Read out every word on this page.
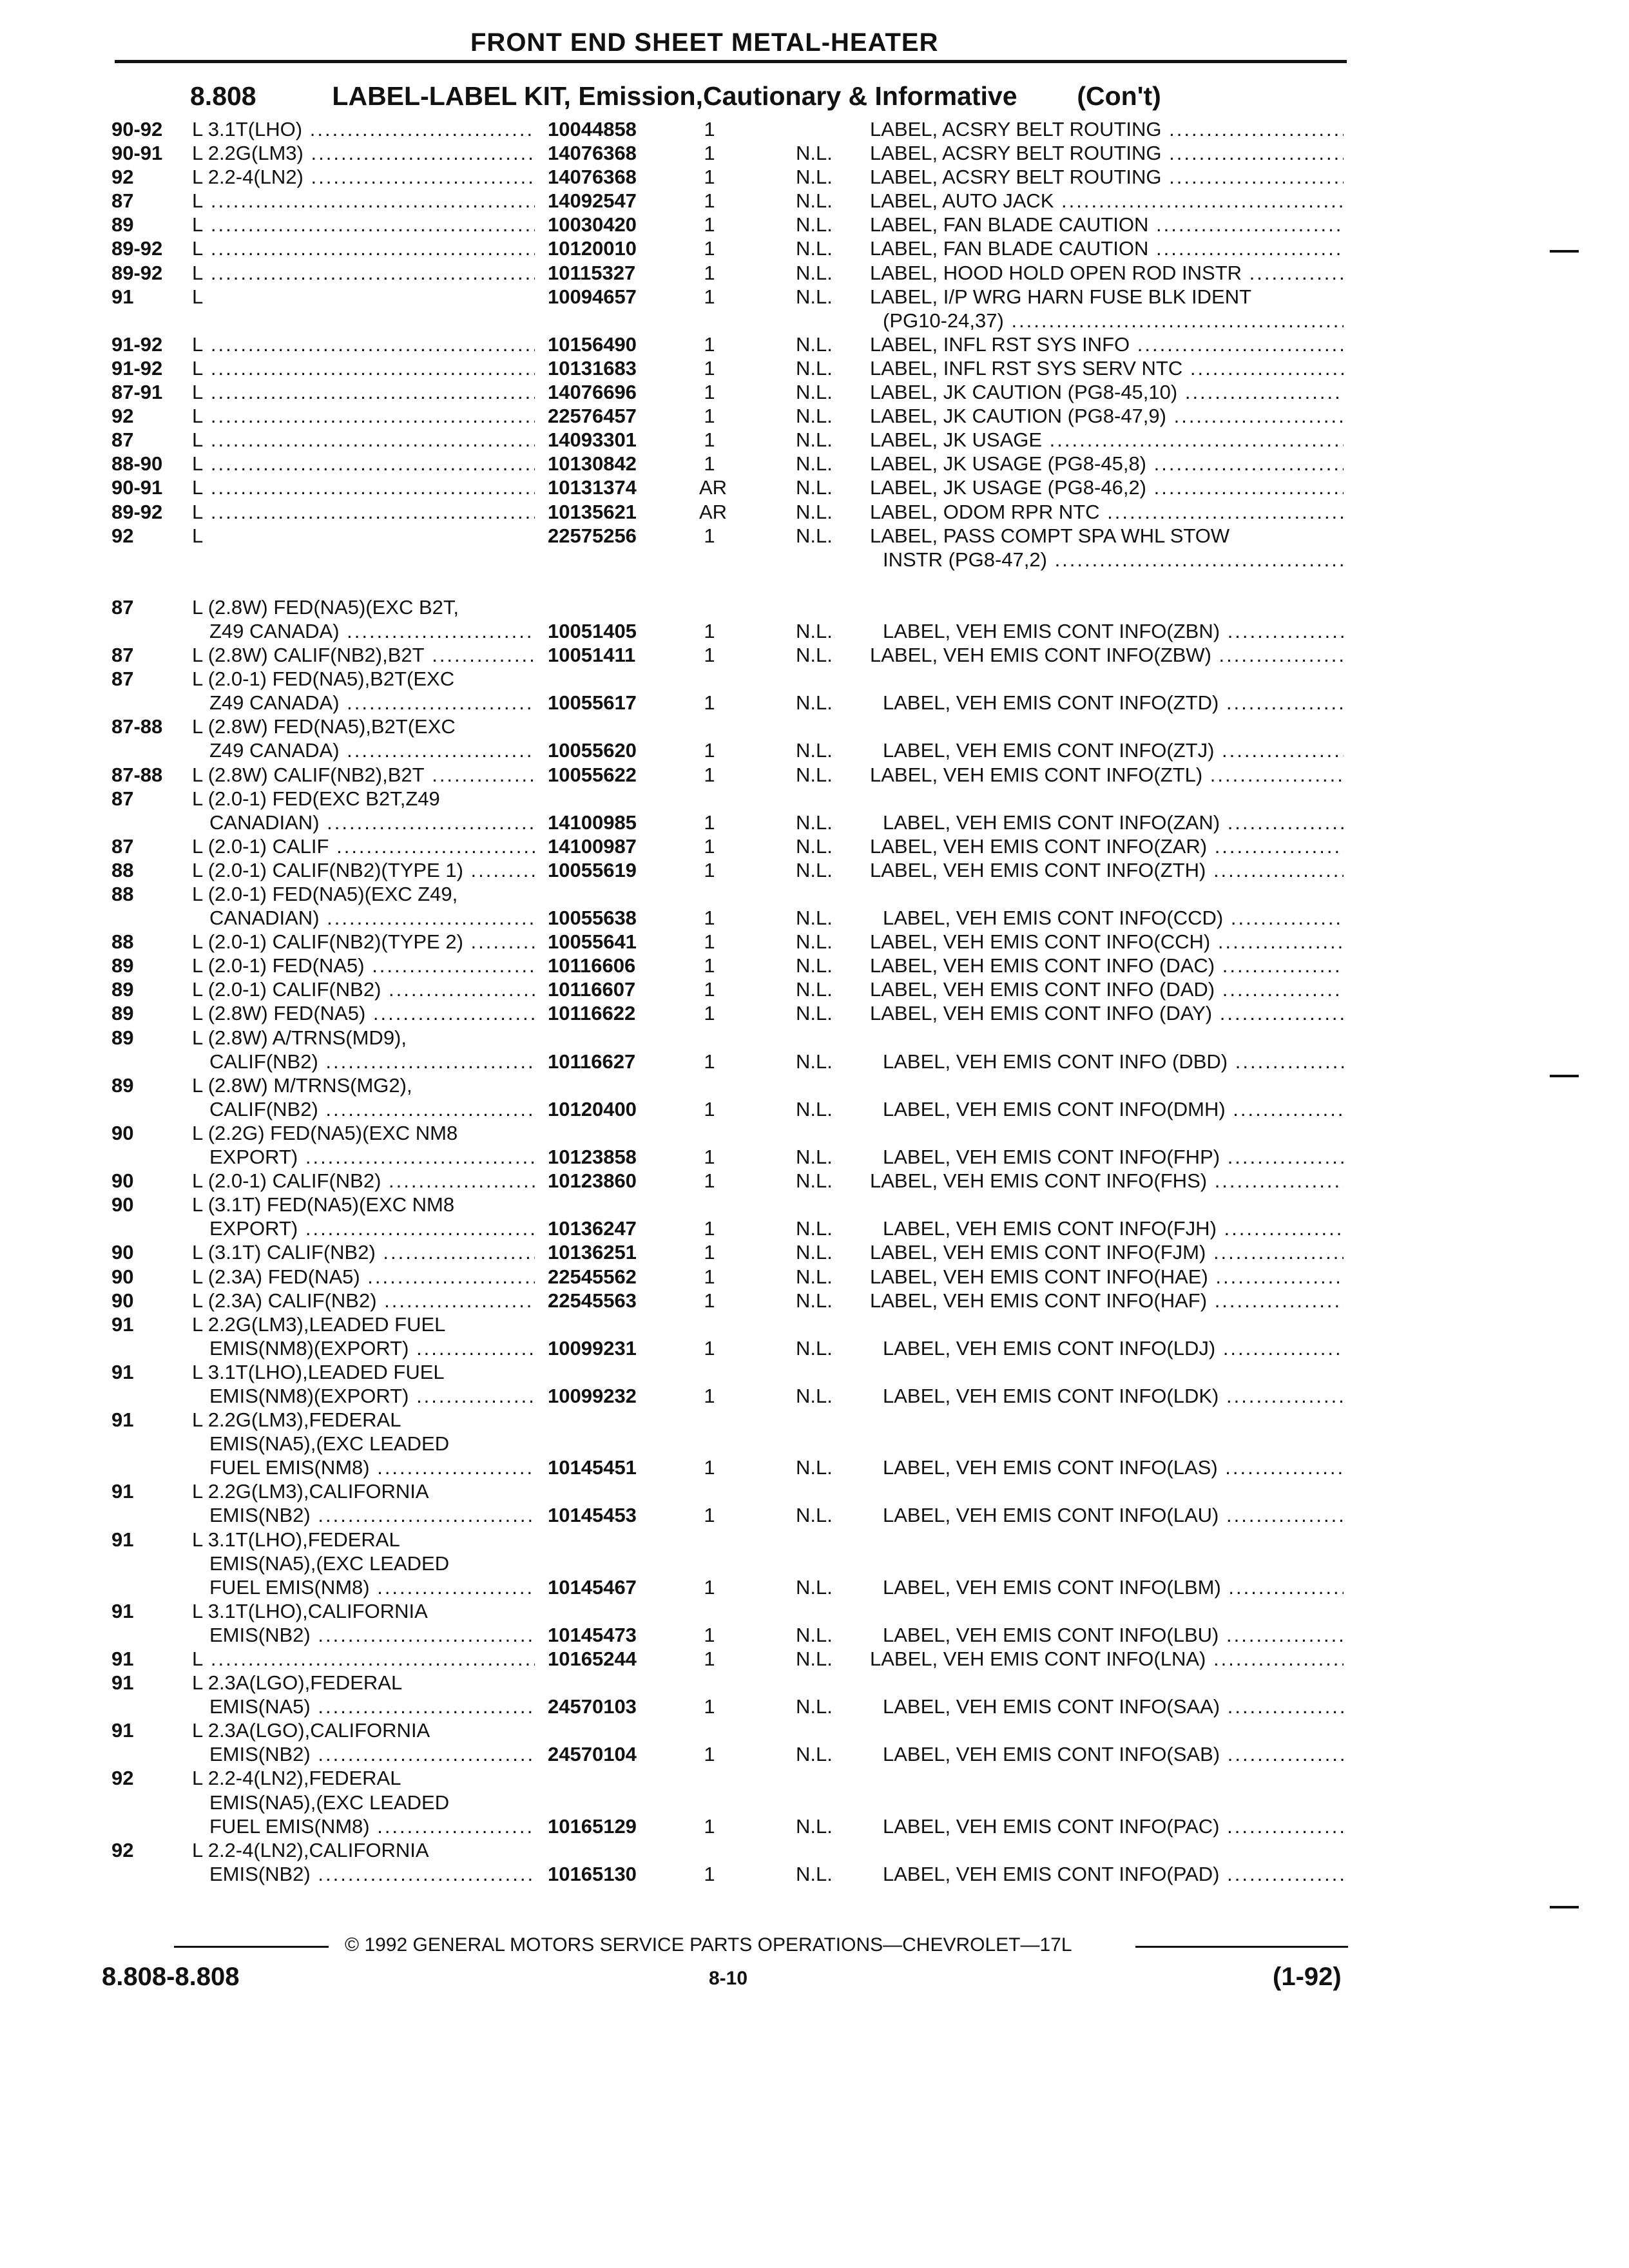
FRONT END SHEET METAL-HEATER
8.808	LABEL-LABEL KIT, Emission,Cautionary & Informative (Con't)
90-92 L 3.1T(LHO) .....	10044858	1	LABEL, ACSRY BELT ROUTING .....
90-91 L 2.2G(LM3) .....	14076368	1	N.L. LABEL, ACSRY BELT ROUTING .....
92	L 2.2-4(LN2) .....	14076368	1	N.L. LABEL, ACSRY BELT ROUTING .....
87	L .....	14092547	1	N.L. LABEL, AUTO JACK .....
89	L .....	10030420	1	N.L. LABEL, FAN BLADE CAUTION .....
89-92 L .....	10120010	1	N.L. LABEL, FAN BLADE CAUTION .....
89-92 L .....	10115327	1	N.L. LABEL, HOOD HOLD OPEN ROD INSTR .....
91	L	10094657	1	N.L. LABEL, I/P WRG HARN FUSE BLK IDENT
(PG10-24,37) .....
91-92 L .....	10156490	1	N.L. LABEL, INFL RST SYS INFO .....
91-92 L .....	10131683	1	N.L. LABEL, INFL RST SYS SERV NTC .....
87-91 L .....	14076696	1	N.L. LABEL, JK CAUTION (PG8-45,10) .....
92	L .....	22576457	1	N.L. LABEL, JK CAUTION (PG8-47,9) .....
87	L .....	14093301	1	N.L. LABEL, JK USAGE .....
88-90 L .....	10130842	1	N.L. LABEL, JK USAGE (PG8-45,8) .....
90-91 L .....	10131374	AR	N.L. LABEL, JK USAGE (PG8-46,2) .....
89-92 L .....	10135621	AR	N.L. LABEL, ODOM RPR NTC .....
92	L	22575256	1	N.L. LABEL, PASS COMPT SPA WHL STOW
INSTR (PG8-47,2) .....
87	L (2.8W) FED(NA5)(EXC B2T,
Z49 CANADA) .....	10051405	1	N.L.	LABEL, VEH EMIS CONT INFO(ZBN) .....
87	L (2.8W) CALIF(NB2),B2T .....	10051411	1	N.L. LABEL, VEH EMIS CONT INFO(ZBW) .....
87	L (2.0-1) FED(NA5),B2T(EXC
Z49 CANADA) .....	10055617	1	N.L.	LABEL, VEH EMIS CONT INFO(ZTD) .....
87-88 L (2.8W) FED(NA5),B2T(EXC
Z49 CANADA) .....	10055620	1	N.L.	LABEL, VEH EMIS CONT INFO(ZTJ) .....
87-88 L (2.8W) CALIF(NB2),B2T .....	10055622	1	N.L. LABEL, VEH EMIS CONT INFO(ZTL) .....
87	L (2.0-1) FED(EXC B2T,Z49
CANADIAN) .....	14100985	1	N.L.	LABEL, VEH EMIS CONT INFO(ZAN) .....
87	L (2.0-1) CALIF .....	14100987	1	N.L. LABEL, VEH EMIS CONT INFO(ZAR) .....
88	L (2.0-1) CALIF(NB2)(TYPE 1) .....	10055619	1	N.L. LABEL, VEH EMIS CONT INFO(ZTH) .....
88	L (2.0-1) FED(NA5)(EXC Z49,
CANADIAN) .....	10055638	1	N.L.	LABEL, VEH EMIS CONT INFO(CCD) .....
88	L (2.0-1) CALIF(NB2)(TYPE 2) .....	10055641	1	N.L. LABEL, VEH EMIS CONT INFO(CCH) .....
89	L (2.0-1) FED(NA5) .....	10116606	1	N.L. LABEL, VEH EMIS CONT INFO (DAC) .....
89	L (2.0-1) CALIF(NB2) .....	10116607	1	N.L. LABEL, VEH EMIS CONT INFO (DAD) .....
89	L (2.8W) FED(NA5) .....	10116622	1	N.L. LABEL, VEH EMIS CONT INFO (DAY) .....
89	L (2.8W) A/TRNS(MD9),
CALIF(NB2) .....	10116627	1	N.L.	LABEL, VEH EMIS CONT INFO (DBD) .....
89	L (2.8W) M/TRNS(MG2),
CALIF(NB2) .....	10120400	1	N.L.	LABEL, VEH EMIS CONT INFO(DMH) .....
90	L (2.2G) FED(NA5)(EXC NM8
EXPORT) .....	10123858	1	N.L.	LABEL, VEH EMIS CONT INFO(FHP) .....
90	L (2.0-1) CALIF(NB2) .....	10123860	1	N.L. LABEL, VEH EMIS CONT INFO(FHS) .....
90	L (3.1T) FED(NA5)(EXC NM8
EXPORT) .....	10136247	1	N.L.	LABEL, VEH EMIS CONT INFO(FJH) .....
90	L (3.1T) CALIF(NB2) .....	10136251	1	N.L. LABEL, VEH EMIS CONT INFO(FJM) .....
90	L (2.3A) FED(NA5) .....	22545562	1	N.L. LABEL, VEH EMIS CONT INFO(HAE) .....
90	L (2.3A) CALIF(NB2) .....	22545563	1	N.L. LABEL, VEH EMIS CONT INFO(HAF) .....
91	L 2.2G(LM3),LEADED FUEL
EMIS(NM8)(EXPORT) .....	10099231	1	N.L.	LABEL, VEH EMIS CONT INFO(LDJ) .....
91	L 3.1T(LHO),LEADED FUEL
EMIS(NM8)(EXPORT) .....	10099232	1	N.L.	LABEL, VEH EMIS CONT INFO(LDK) .....
91	L 2.2G(LM3),FEDERAL
EMIS(NA5),(EXC LEADED
FUEL EMIS(NM8) .....	10145451	1	N.L.	LABEL, VEH EMIS CONT INFO(LAS) .....
91	L 2.2G(LM3),CALIFORNIA
EMIS(NB2) .....	10145453	1	N.L.	LABEL, VEH EMIS CONT INFO(LAU) .....
91	L 3.1T(LHO),FEDERAL
EMIS(NA5),(EXC LEADED
FUEL EMIS(NM8) .....	10145467	1	N.L.	LABEL, VEH EMIS CONT INFO(LBM) .....
91	L 3.1T(LHO),CALIFORNIA
EMIS(NB2) .....	10145473	1	N.L.	LABEL, VEH EMIS CONT INFO(LBU) .....
91	L .....	10165244	1	N.L. LABEL, VEH EMIS CONT INFO(LNA) .....
91	L 2.3A(LGO),FEDERAL
EMIS(NA5) .....	24570103	1	N.L.	LABEL, VEH EMIS CONT INFO(SAA) .....
91	L 2.3A(LGO),CALIFORNIA
EMIS(NB2) .....	24570104	1	N.L.	LABEL, VEH EMIS CONT INFO(SAB) .....
92	L 2.2-4(LN2),FEDERAL
EMIS(NA5),(EXC LEADED
FUEL EMIS(NM8) .....	10165129	1	N.L.	LABEL, VEH EMIS CONT INFO(PAC) .....
92	L 2.2-4(LN2),CALIFORNIA
EMIS(NB2) .....	10165130	1	N.L.	LABEL, VEH EMIS CONT INFO(PAD) .....
© 1992 GENERAL MOTORS SERVICE PARTS OPERATIONS—CHEVROLET—17L
8.808-8.808	8-10	(1-92)
